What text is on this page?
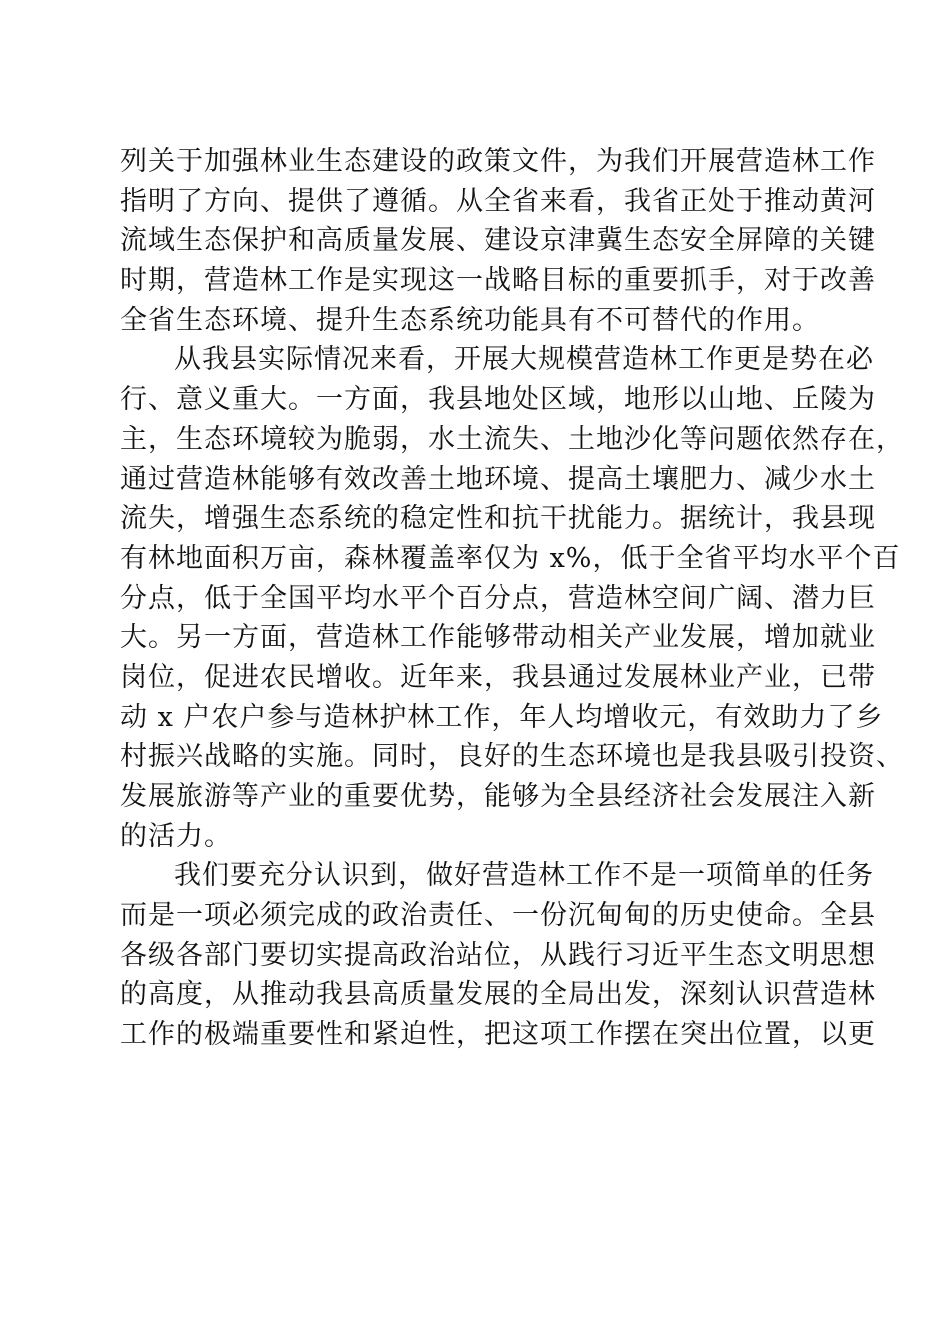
列关于加强林业生态建设的政策文件，为我们开展营造林工作
指明了方向、提供了遵循。从全省来看，我省正处于推动黄河
流域生态保护和高质量发展、建设京津冀生态安全屏障的关键
时期，营造林工作是实现这一战略目标的重要抓手，对于改善
全省生态环境、提升生态系统功能具有不可替代的作用。
从我县实际情况来看，开展大规模营造林工作更是势在必
行、意义重大。一方面，我县地处区域，地形以山地、丘陵为
主，生态环境较为脆弱，水土流失、土地沙化等问题依然存在，
通过营造林能够有效改善土地环境、提高土壤肥力、减少水土
流失，增强生态系统的稳定性和抗干扰能力。据统计，我县现
有林地面积万亩，森林覆盖率仅为 x%，低于全省平均水平个百
分点，低于全国平均水平个百分点，营造林空间广阔、潜力巨
大。另一方面，营造林工作能够带动相关产业发展，增加就业
岗位，促进农民增收。近年来，我县通过发展林业产业，已带
动 x 户农户参与造林护林工作，年人均增收元，有效助力了乡
村振兴战略的实施。同时，良好的生态环境也是我县吸引投资、
发展旅游等产业的重要优势，能够为全县经济社会发展注入新
的活力。
我们要充分认识到，做好营造林工作不是一项简单的任务
而是一项必须完成的政治责任、一份沉甸甸的历史使命。全县
各级各部门要切实提高政治站位，从践行习近平生态文明思想
的高度，从推动我县高质量发展的全局出发，深刻认识营造林
工作的极端重要性和紧迫性，把这项工作摆在突出位置，以更
